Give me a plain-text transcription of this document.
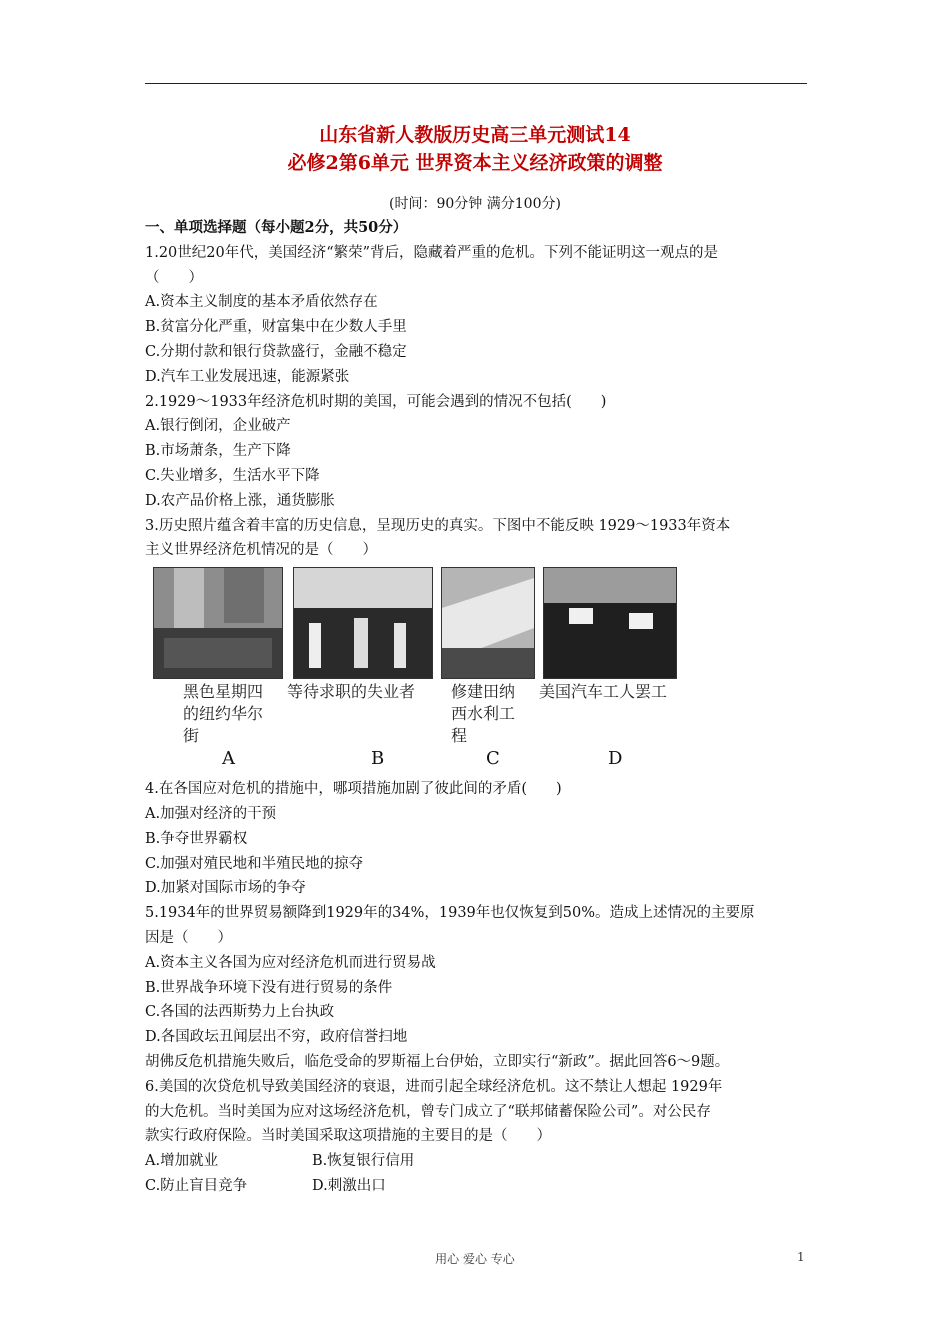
山东省新人教版历史高三单元测试14
必修2第6单元 世界资本主义经济政策的调整
(时间：90分钟 满分100分)
一、单项选择题（每小题2分，共50分）
1.20世纪20年代，美国经济“繁荣”背后，隐藏着严重的危机。下列不能证明这一观点的是
（　　）
A.资本主义制度的基本矛盾依然存在
B.贫富分化严重，财富集中在少数人手里
C.分期付款和银行贷款盛行，金融不稳定
D.汽车工业发展迅速，能源紧张
2.1929～1933年经济危机时期的美国，可能会遇到的情况不包括(　　)
A.银行倒闭，企业破产
B.市场萧条，生产下降
C.失业增多，生活水平下降
D.农产品价格上涨，通货膨胀
3.历史照片蕴含着丰富的历史信息，呈现历史的真实。下图中不能反映 1929～1933年资本
主义世界经济危机情况的是（　　）
黑色星期四
的纽约华尔
街
等待求职的失业者 修建田纳
西水利工
程
美国汽车工人罢工
A	B	C	D
4.在各国应对危机的措施中，哪项措施加剧了彼此间的矛盾(　　)
A.加强对经济的干预
B.争夺世界霸权
C.加强对殖民地和半殖民地的掠夺
D.加紧对国际市场的争夺
5.1934年的世界贸易额降到1929年的34%，1939年也仅恢复到50%。造成上述情况的主要原
因是（　　）
A.资本主义各国为应对经济危机而进行贸易战
B.世界战争环境下没有进行贸易的条件
C.各国的法西斯势力上台执政
D.各国政坛丑闻层出不穷，政府信誉扫地
胡佛反危机措施失败后，临危受命的罗斯福上台伊始，立即实行“新政”。据此回答6～9题。
6.美国的次贷危机导致美国经济的衰退，进而引起全球经济危机。这不禁让人想起 1929年
的大危机。当时美国为应对这场经济危机，曾专门成立了“联邦储蓄保险公司”。对公民存
款实行政府保险。当时美国采取这项措施的主要目的是（　　）
A.增加就业	B.恢复银行信用
C.防止盲目竞争	D.刺激出口
用心 爱心 专心	1
